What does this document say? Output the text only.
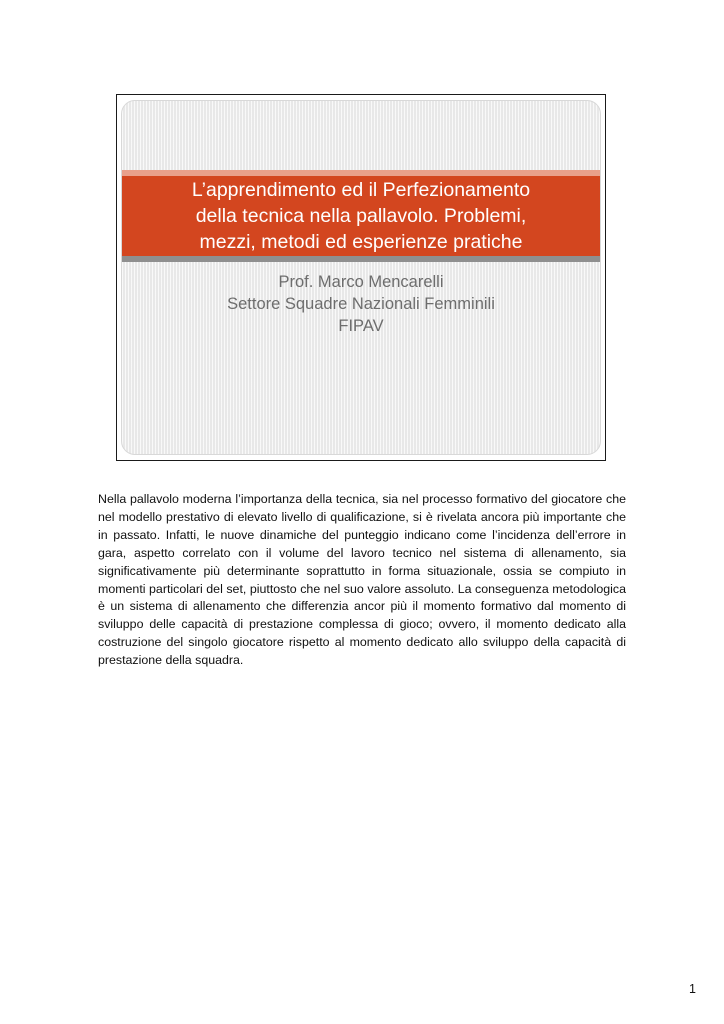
L’apprendimento ed il Perfezionamento
della tecnica nella pallavolo. Problemi,
mezzi, metodi ed esperienze pratiche
Prof. Marco Mencarelli
Settore Squadre Nazionali Femminili
FIPAV

Nella pallavolo moderna l’importanza della tecnica, sia nel processo formativo del giocatore che nel modello prestativo di elevato livello di qualificazione, si è rivelata ancora più importante che in passato. Infatti, le nuove dinamiche del punteggio indicano come l’incidenza dell’errore in gara, aspetto correlato con il volume del lavoro tecnico nel sistema di allenamento, sia significativamente più determinante soprattutto in forma situazionale, ossia se compiuto in momenti particolari del set, piuttosto che nel suo valore assoluto. La conseguenza metodologica è un sistema di allenamento che differenzia ancor più il momento formativo dal momento di sviluppo delle capacità di prestazione complessa di gioco; ovvero, il momento dedicato alla costruzione del singolo giocatore rispetto al momento dedicato allo sviluppo della capacità di prestazione della squadra.

1
